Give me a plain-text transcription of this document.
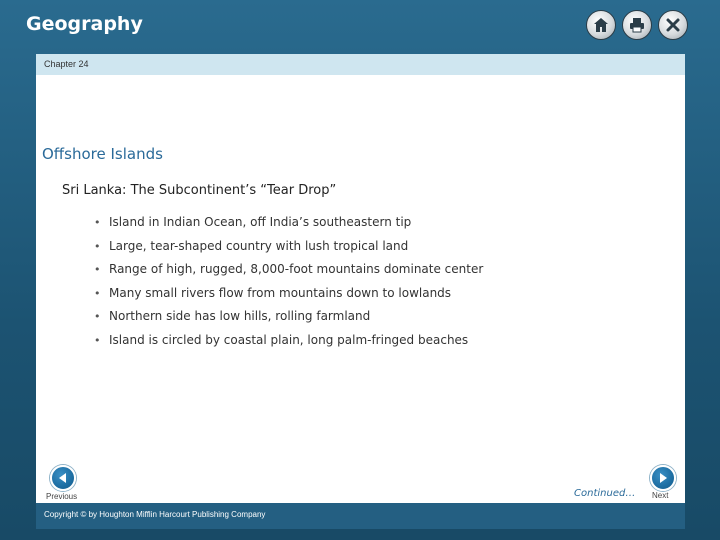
Geography
Chapter 24
Offshore Islands
Sri Lanka: The Subcontinent’s “Tear Drop”
• Island in Indian Ocean, off India’s southeastern tip
• Large, tear-shaped country with lush tropical land
• Range of high, rugged, 8,000-foot mountains dominate center
• Many small rivers flow from mountains down to lowlands
• Northern side has low hills, rolling farmland
• Island is circled by coastal plain, long palm-fringed beaches
Previous	Continued… Next
Copyright © by Houghton Mifflin Harcourt Publishing Company
